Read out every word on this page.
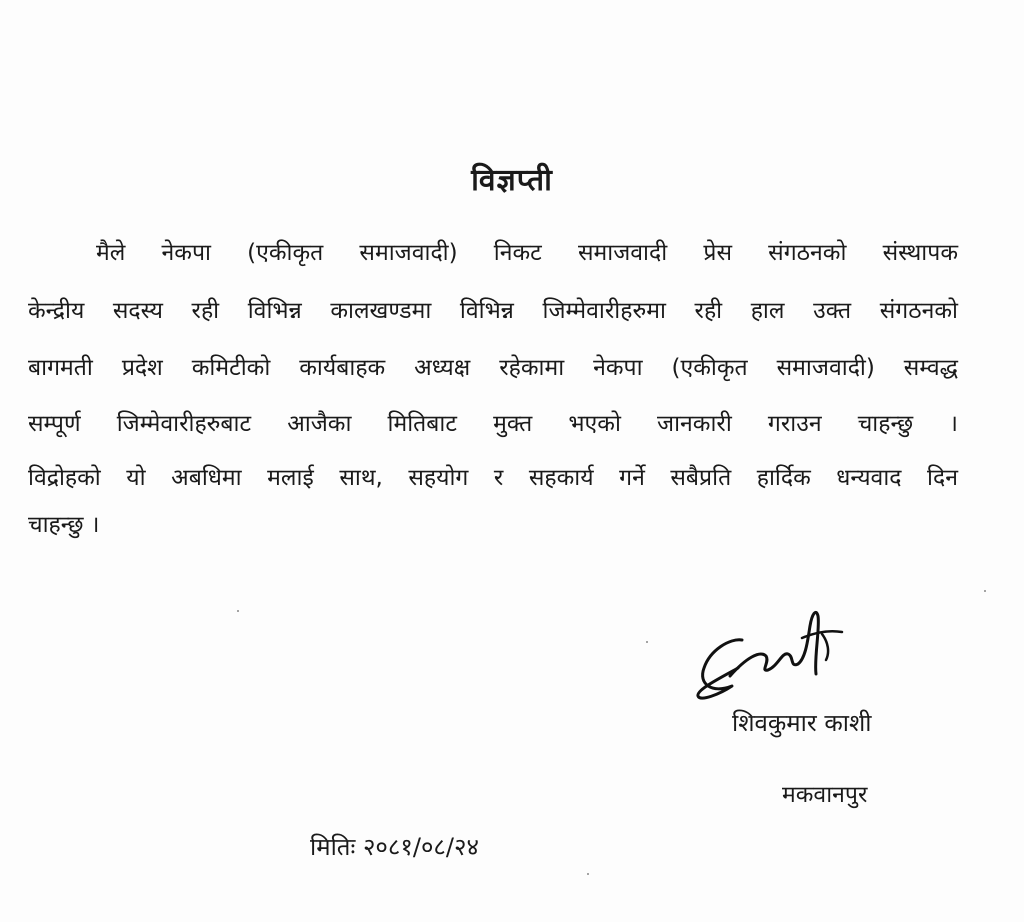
विज्ञप्ती
मैले नेकपा (एकीकृत समाजवादी) निकट समाजवादी प्रेस संगठनको संस्थापक
केन्द्रीय सदस्य रही विभिन्न कालखण्डमा विभिन्न जिम्मेवारीहरुमा रही हाल उक्त संगठनको
बागमती प्रदेश कमिटीको कार्यबाहक अध्यक्ष रहेकामा नेकपा (एकीकृत समाजवादी) सम्वद्ध
सम्पूर्ण जिम्मेवारीहरुबाट आजैका मितिबाट मुक्त भएको जानकारी गराउन चाहन्छु ।
विद्रोहको यो अबधिमा मलाई साथ, सहयोग र सहकार्य गर्ने सबैप्रति हार्दिक धन्यवाद दिन
चाहन्छु ।
शिवकुमार काशी
मकवानपुर
मितिः २०८१/०८/२४
